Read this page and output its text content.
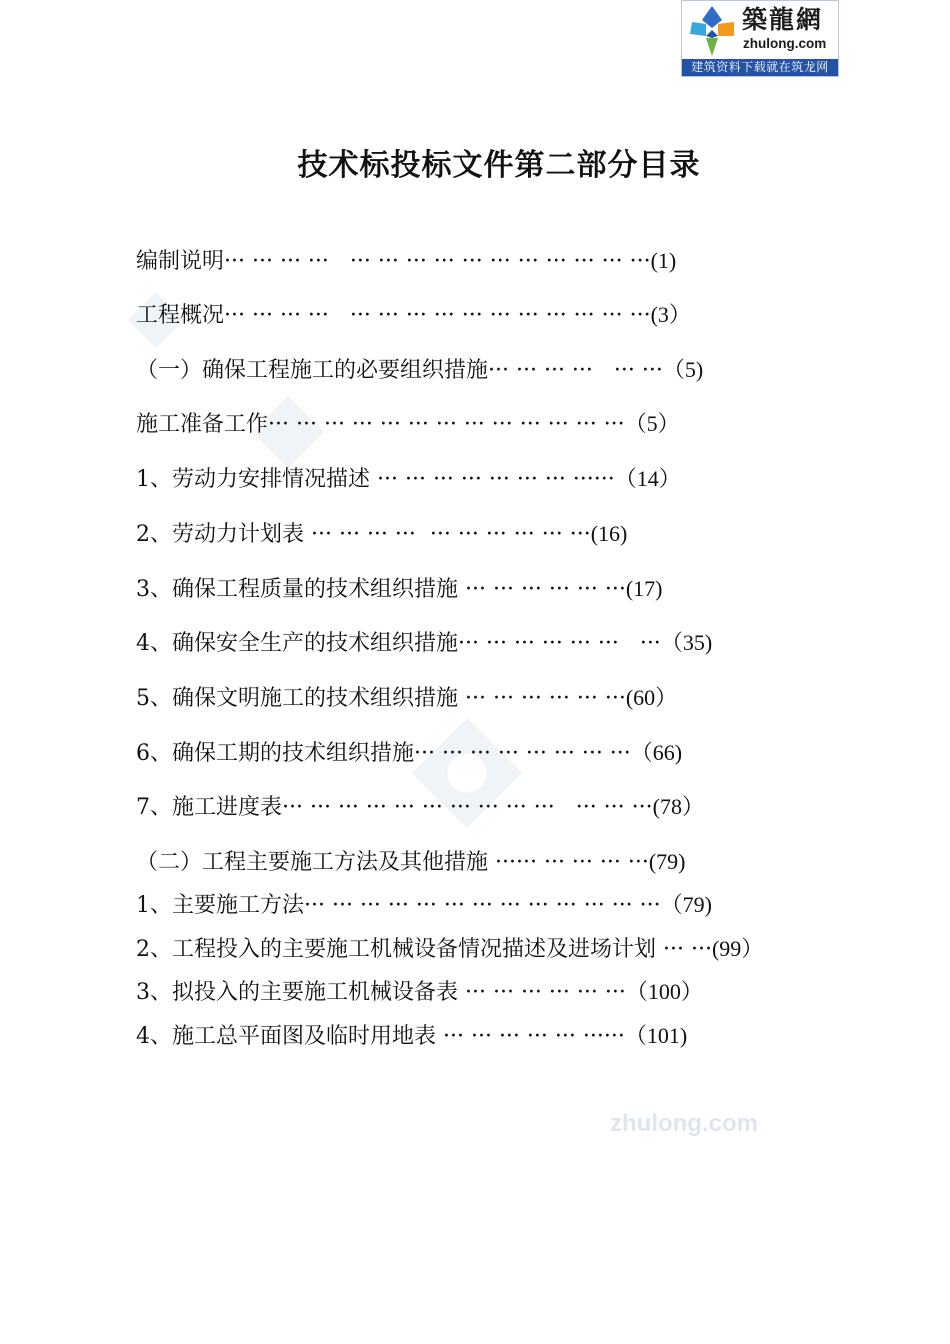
築龍網
zhulong.com
建筑资料下载就在筑龙网
zhulong.com
技术标投标文件第二部分目录
编制说明··· ··· ··· ···   ··· ··· ··· ··· ··· ··· ··· ··· ··· ··· ···(1)
工程概况··· ··· ··· ···   ··· ··· ··· ··· ··· ··· ··· ··· ··· ··· ···(3）
（一）确保工程施工的必要组织措施··· ··· ··· ···   ··· ···（5)
施工准备工作··· ··· ··· ··· ··· ··· ··· ··· ··· ··· ··· ··· ···（5）
1、劳动力安排情况描述 ··· ··· ··· ··· ··· ··· ··· ······（14）
2、劳动力计划表 ··· ··· ··· ···  ··· ··· ··· ··· ··· ···(16)
3、确保工程质量的技术组织措施 ··· ··· ··· ··· ··· ···(17)
4、确保安全生产的技术组织措施··· ··· ··· ··· ··· ···   ···（35)
5、确保文明施工的技术组织措施 ··· ··· ··· ··· ··· ···(60）
6、确保工期的技术组织措施··· ··· ··· ··· ··· ··· ··· ···（66)
7、施工进度表··· ··· ··· ··· ··· ··· ··· ··· ··· ···   ··· ··· ···(78）
（二）工程主要施工方法及其他措施 ······ ··· ··· ··· ···(79)
1、主要施工方法··· ··· ··· ··· ··· ··· ··· ··· ··· ··· ··· ··· ···（79)
2、工程投入的主要施工机械设备情况描述及进场计划 ··· ···(99）
3、拟投入的主要施工机械设备表 ··· ··· ··· ··· ··· ···（100）
4、施工总平面图及临时用地表 ··· ··· ··· ··· ··· ······（101)
